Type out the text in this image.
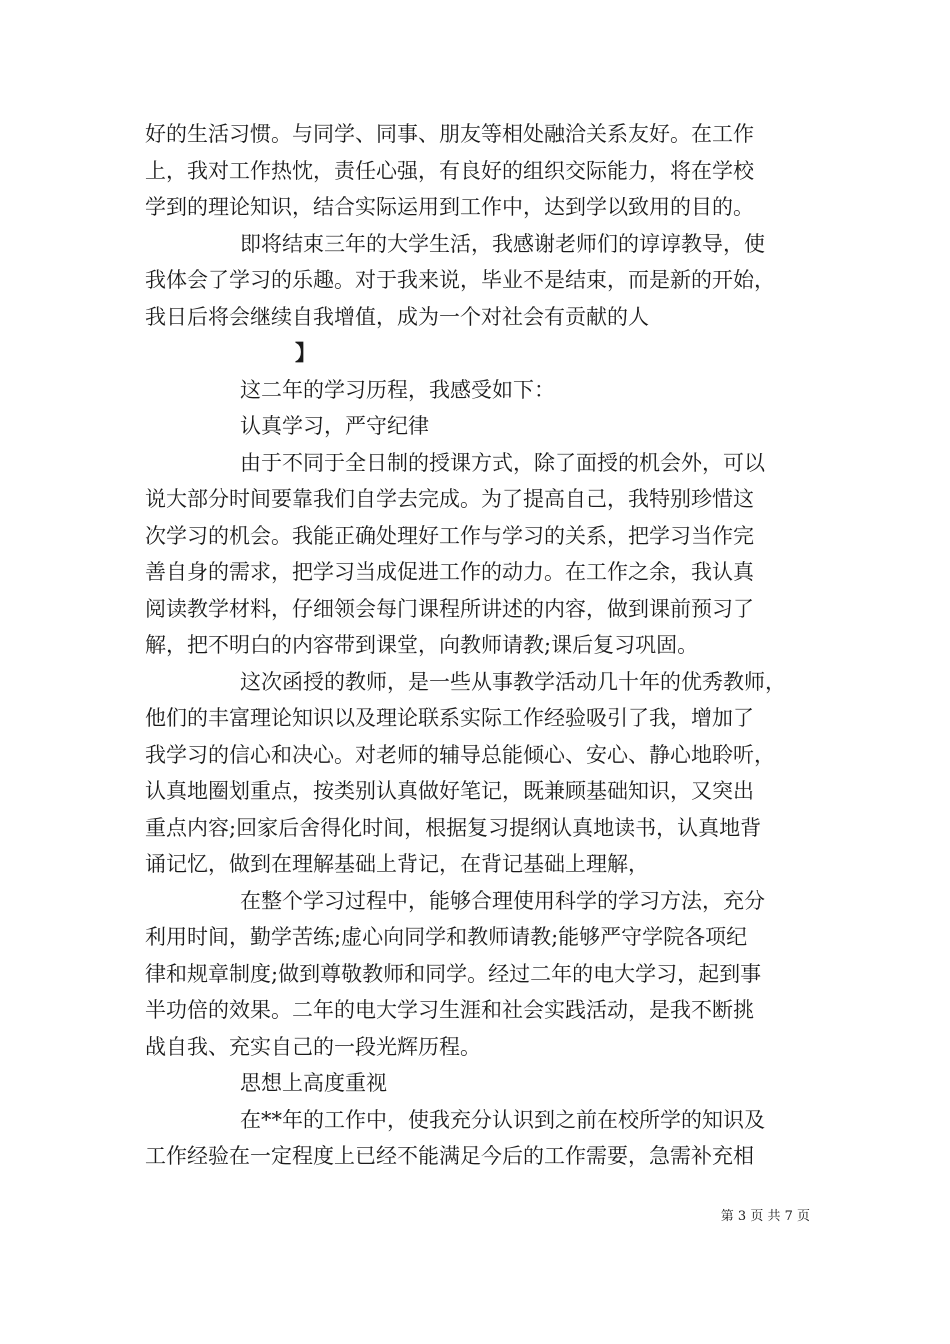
好的生活习惯。与同学、同事、朋友等相处融洽关系友好。在工作

上，我对工作热忱，责任心强，有良好的组织交际能力，将在学校

学到的理论知识，结合实际运用到工作中，达到学以致用的目的。

即将结束三年的大学生活，我感谢老师们的谆谆教导，使

我体会了学习的乐趣。对于我来说，毕业不是结束，而是新的开始，

我日后将会继续自我增值，成为一个对社会有贡献的人

】

这二年的学习历程，我感受如下：

认真学习，严守纪律

由于不同于全日制的授课方式，除了面授的机会外，可以

说大部分时间要靠我们自学去完成。为了提高自己，我特别珍惜这

次学习的机会。我能正确处理好工作与学习的关系，把学习当作完

善自身的需求，把学习当成促进工作的动力。在工作之余，我认真

阅读教学材料，仔细领会每门课程所讲述的内容，做到课前预习了

解，把不明白的内容带到课堂，向教师请教;课后复习巩固。

这次函授的教师，是一些从事教学活动几十年的优秀教师，

他们的丰富理论知识以及理论联系实际工作经验吸引了我，增加了

我学习的信心和决心。对老师的辅导总能倾心、安心、静心地聆听，

认真地圈划重点，按类别认真做好笔记，既兼顾基础知识，又突出

重点内容;回家后舍得化时间，根据复习提纲认真地读书，认真地背

诵记忆，做到在理解基础上背记，在背记基础上理解，

在整个学习过程中，能够合理使用科学的学习方法，充分

利用时间，勤学苦练;虚心向同学和教师请教;能够严守学院各项纪

律和规章制度;做到尊敬教师和同学。经过二年的电大学习，起到事

半功倍的效果。二年的电大学习生涯和社会实践活动，是我不断挑

战自我、充实自己的一段光辉历程。

思想上高度重视

在**年的工作中，使我充分认识到之前在校所学的知识及

工作经验在一定程度上已经不能满足今后的工作需要，急需补充相

第 3 页 共 7 页
